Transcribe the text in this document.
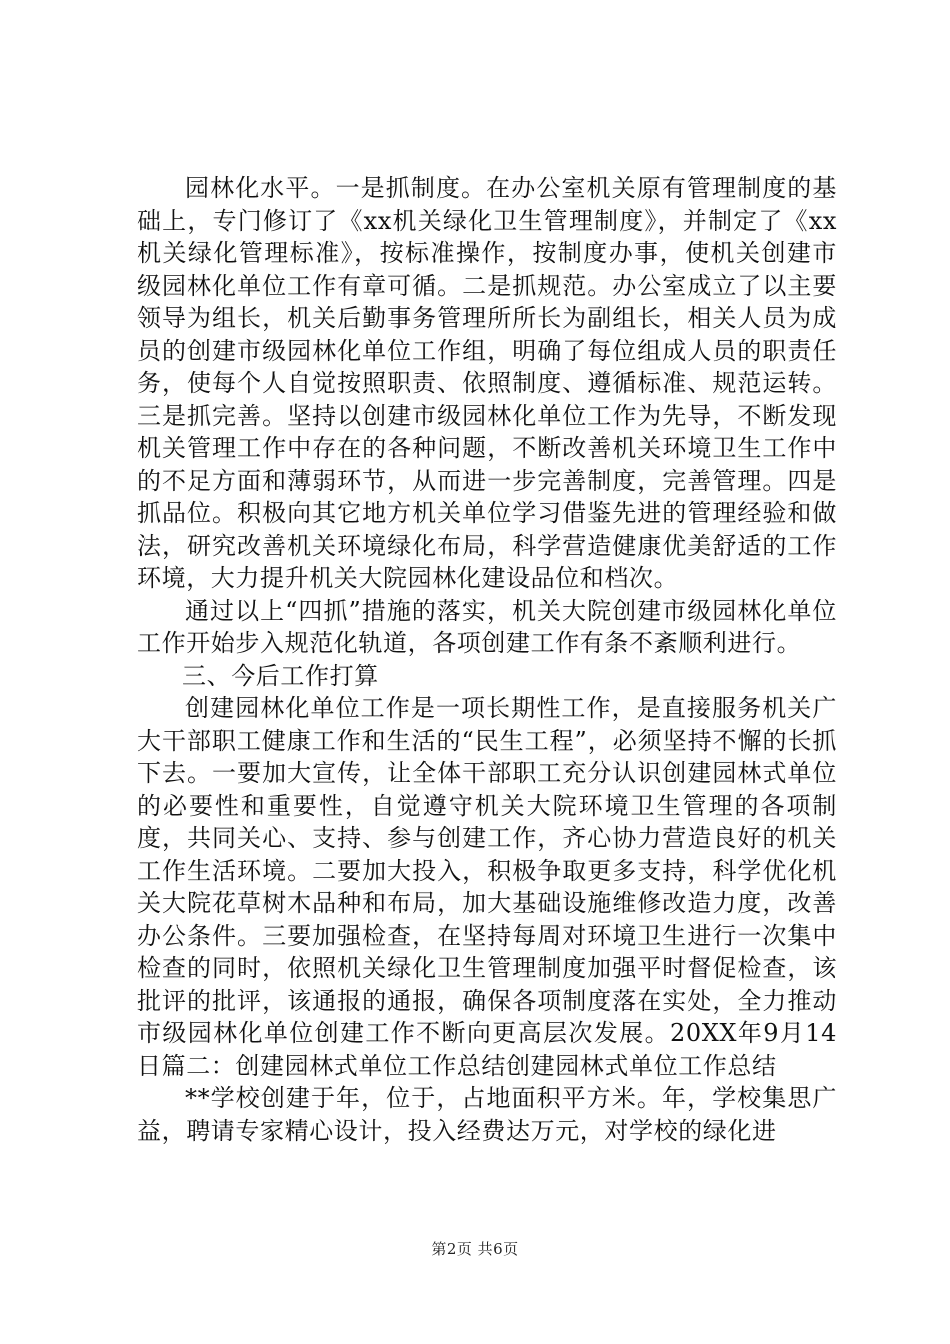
园林化水平。一是抓制度。在办公室机关原有管理制度的基础上，专门修订了《xx机关绿化卫生管理制度》，并制定了《xx机关绿化管理标准》，按标准操作，按制度办事，使机关创建市级园林化单位工作有章可循。二是抓规范。办公室成立了以主要领导为组长，机关后勤事务管理所所长为副组长，相关人员为成员的创建市级园林化单位工作组，明确了每位组成人员的职责任务，使每个人自觉按照职责、依照制度、遵循标准、规范运转。三是抓完善。坚持以创建市级园林化单位工作为先导，不断发现机关管理工作中存在的各种问题，不断改善机关环境卫生工作中的不足方面和薄弱环节，从而进一步完善制度，完善管理。四是抓品位。积极向其它地方机关单位学习借鉴先进的管理经验和做法，研究改善机关环境绿化布局，科学营造健康优美舒适的工作环境，大力提升机关大院园林化建设品位和档次。

通过以上“四抓”措施的落实，机关大院创建市级园林化单位工作开始步入规范化轨道，各项创建工作有条不紊顺利进行。

三、今后工作打算

创建园林化单位工作是一项长期性工作，是直接服务机关广大干部职工健康工作和生活的“民生工程”，必须坚持不懈的长抓下去。一要加大宣传，让全体干部职工充分认识创建园林式单位的必要性和重要性，自觉遵守机关大院环境卫生管理的各项制度，共同关心、支持、参与创建工作，齐心协力营造良好的机关工作生活环境。二要加大投入，积极争取更多支持，科学优化机关大院花草树木品种和布局，加大基础设施维修改造力度，改善办公条件。三要加强检查，在坚持每周对环境卫生进行一次集中检查的同时，依照机关绿化卫生管理制度加强平时督促检查，该批评的批评，该通报的通报，确保各项制度落在实处，全力推动市级园林化单位创建工作不断向更高层次发展。20XX年9月14日篇二：创建园林式单位工作总结创建园林式单位工作总结

**学校创建于年，位于，占地面积平方米。年，学校集思广益，聘请专家精心设计，投入经费达万元，对学校的绿化进

第2页 共6页
